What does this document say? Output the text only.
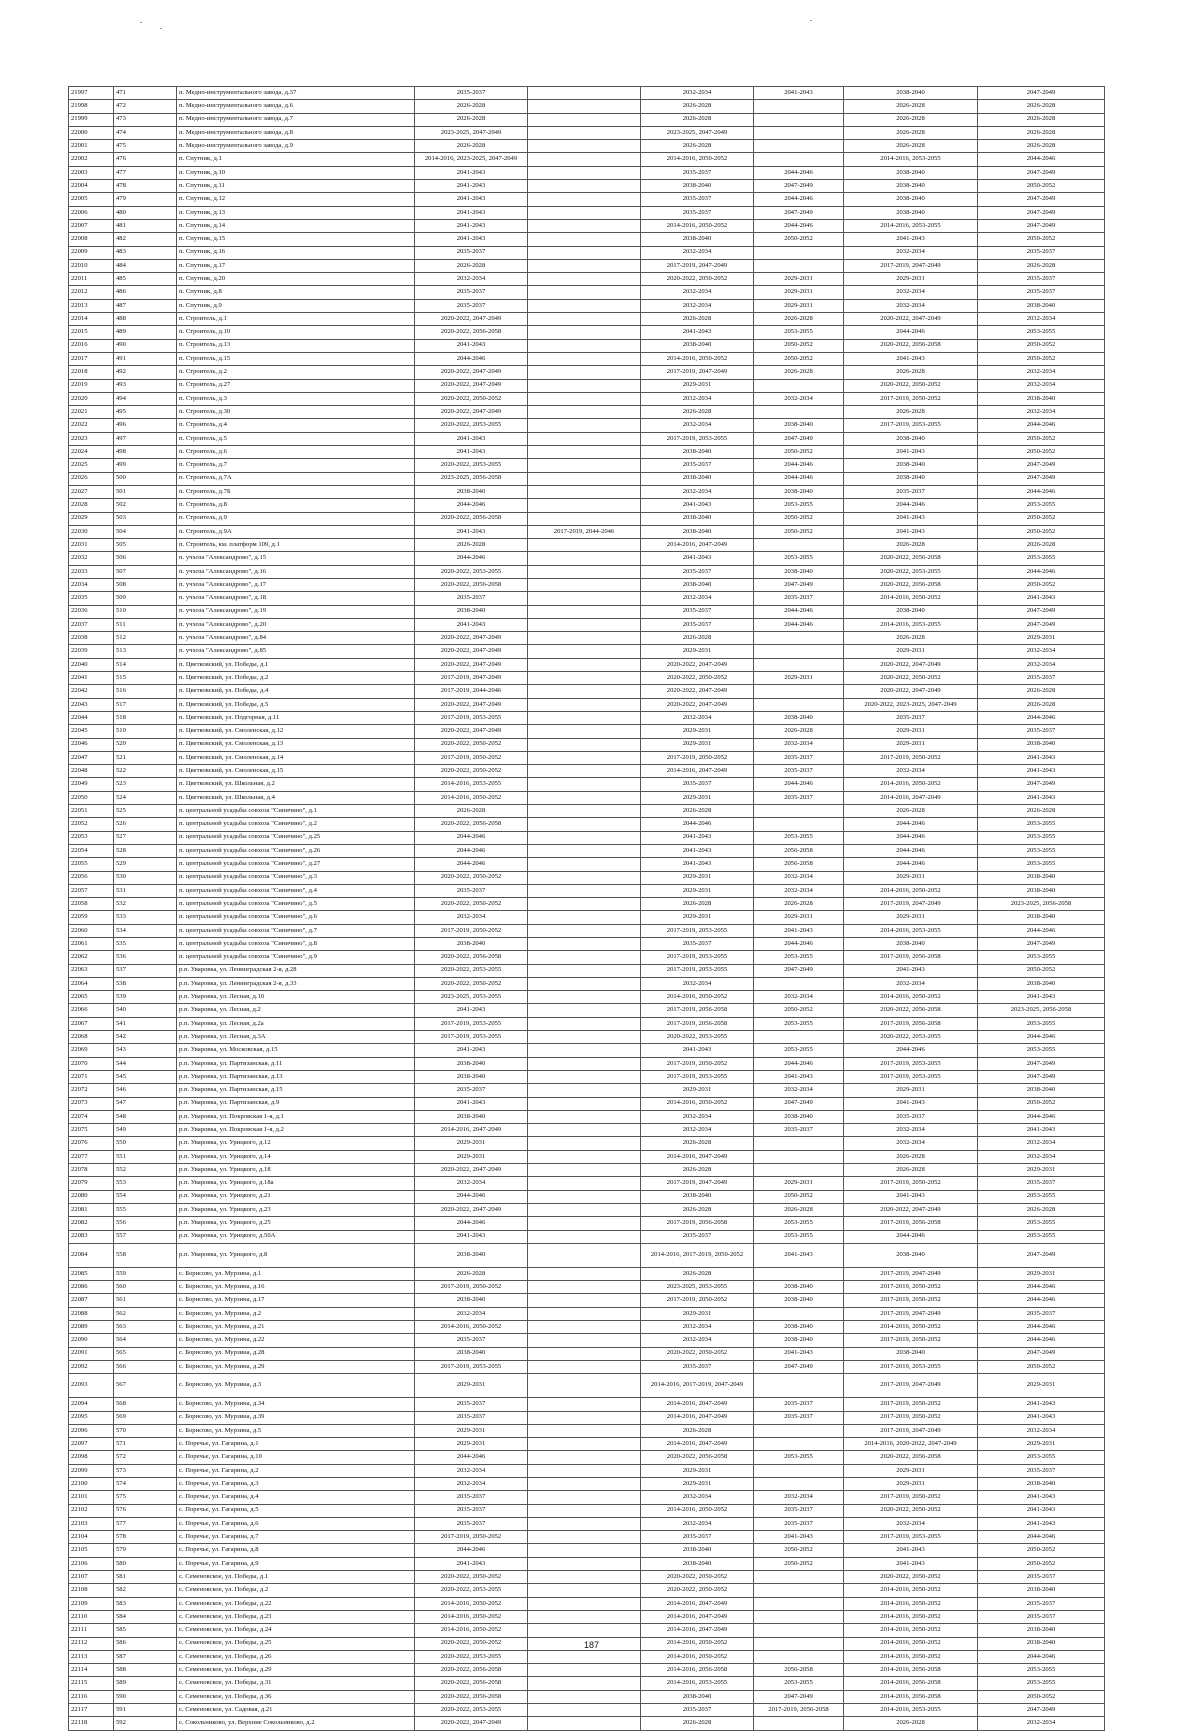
21997	471	п. Медно-инструментального завода, д.37	2035-2037		2032-2034	2041-2043	2038-2040	2047-2049
21998	472	п. Медно-инструментального завода, д.6	2026-2028		2026-2028		2026-2028	2026-2028
21999	473	п. Медно-инструментального завода, д.7	2026-2028		2026-2028		2026-2028	2026-2028
22000	474	п. Медно-инструментального завода, д.8	2023-2025, 2047-2049		2023-2025, 2047-2049		2026-2028	2026-2028
22001	475	п. Медно-инструментального завода, д.9	2026-2028		2026-2028		2026-2028	2026-2028
22002	476	п. Спутник, д.1	2014-2016, 2023-2025, 2047-2049		2014-2016, 2050-2052		2014-2016, 2053-2055	2044-2046
22003	477	п. Спутник, д.10	2041-2043		2035-2037	2044-2046	2038-2040	2047-2049
22004	478	п. Спутник, д.11	2041-2043		2038-2040	2047-2049	2038-2040	2050-2052
22005	479	п. Спутник, д.12	2041-2043		2035-2037	2044-2046	2038-2040	2047-2049
22006	480	п. Спутник, д.13	2041-2043		2035-2037	2047-2049	2038-2040	2047-2049
22007	481	п. Спутник, д.14	2041-2043		2014-2016, 2050-2052	2044-2046	2014-2016, 2053-2055	2047-2049
22008	482	п. Спутник, д.15	2041-2043		2038-2040	2050-2052	2041-2043	2050-2052
22009	483	п. Спутник, д.16	2035-2037		2032-2034		2032-2034	2035-2037
22010	484	п. Спутник, д.17	2026-2028		2017-2019, 2047-2049		2017-2019, 2047-2049	2026-2028
22011	485	п. Спутник, д.20	2032-2034		2020-2022, 2050-2052	2029-2031	2029-2031	2035-2037
22012	486	п. Спутник, д.8	2035-2037		2032-2034	2029-2031	2032-2034	2035-2037
22013	487	п. Спутник, д.9	2035-2037		2032-2034	2029-2031	2032-2034	2038-2040
22014	488	п. Строитель, д.1	2020-2022, 2047-2049		2026-2028	2026-2028	2020-2022, 2047-2049	2032-2034
22015	489	п. Строитель, д.10	2020-2022, 2056-2058		2041-2043	2053-2055	2044-2046	2053-2055
22016	490	п. Строитель, д.13	2041-2043		2038-2040	2050-2052	2020-2022, 2056-2058	2050-2052
22017	491	п. Строитель, д.15	2044-2046		2014-2016, 2050-2052	2050-2052	2041-2043	2050-2052
22018	492	п. Строитель, д.2	2020-2022, 2047-2049		2017-2019, 2047-2049	2026-2028	2026-2028	2032-2034
22019	493	п. Строитель, д.27	2020-2022, 2047-2049		2029-2031		2020-2022, 2050-2052	2032-2034
22020	494	п. Строитель, д.3	2020-2022, 2050-2052		2032-2034	2032-2034	2017-2019, 2050-2052	2038-2040
22021	495	п. Строитель, д.30	2020-2022, 2047-2049		2026-2028		2026-2028	2032-2034
22022	496	п. Строитель, д.4	2020-2022, 2053-2055		2032-2034	2038-2040	2017-2019, 2053-2055	2044-2046
22023	497	п. Строитель, д.5	2041-2043		2017-2019, 2053-2055	2047-2049	2038-2040	2050-2052
22024	498	п. Строитель, д.6	2041-2043		2038-2040	2050-2052	2041-2043	2050-2052
22025	499	п. Строитель, д.7	2020-2022, 2053-2055		2035-2037	2044-2046	2038-2040	2047-2049
22026	500	п. Строитель, д.7А	2023-2025, 2056-2058		2038-2040	2044-2046	2038-2040	2047-2049
22027	501	п. Строитель, д.7Б	2038-2040		2032-2034	2038-2040	2035-2037	2044-2046
22028	502	п. Строитель, д.8	2044-2046		2041-2043	2053-2055	2044-2046	2053-2055
22029	503	п. Строитель, д.9	2020-2022, 2056-2058		2038-2040	2050-2052	2041-2043	2050-2052
22030	504	п. Строитель, д.9А	2041-2043	2017-2019, 2044-2046	2038-2040	2050-2052	2041-2043	2050-2052
22031	505	п. Строитель, км. платформ 109, д.1	2026-2028		2014-2016, 2047-2049		2026-2028	2026-2028
22032	506	п. учхоза "Александрово", д.15	2044-2046		2041-2043	2053-2055	2020-2022, 2056-2058	2053-2055
22033	507	п. учхоза "Александрово", д.16	2020-2022, 2053-2055		2035-2037	2038-2040	2020-2022, 2053-2055	2044-2046
22034	508	п. учхоза "Александрово", д.17	2020-2022, 2056-2058		2038-2040	2047-2049	2020-2022, 2056-2058	2050-2052
22035	509	п. учхоза "Александрово", д.18	2035-2037		2032-2034	2035-2037	2014-2016, 2050-2052	2041-2043
22036	510	п. учхоза "Александрово", д.19	2038-2040		2035-2037	2044-2046	2038-2040	2047-2049
22037	511	п. учхоза "Александрово", д.20	2041-2043		2035-2037	2044-2046	2014-2016, 2053-2055	2047-2049
22038	512	п. учхоза "Александрово", д.84	2020-2022, 2047-2049		2026-2028		2026-2028	2029-2031
22039	513	п. учхоза "Александрово", д.85	2020-2022, 2047-2049		2029-2031		2029-2031	2032-2034
22040	514	п. Цветковский, ул. Победы, д.1	2020-2022, 2047-2049		2020-2022, 2047-2049		2020-2022, 2047-2049	2032-2034
22041	515	п. Цветковский, ул. Победы, д.2	2017-2019, 2047-2049		2020-2022, 2050-2052	2029-2031	2020-2022, 2050-2052	2035-2037
22042	516	п. Цветковский, ул. Победы, д.4	2017-2019, 2044-2046		2020-2022, 2047-2049		2020-2022, 2047-2049	2026-2028
22043	517	п. Цветковский, ул. Победы, д.5	2020-2022, 2047-2049		2020-2022, 2047-2049		2020-2022, 2023-2025, 2047-2049	2026-2028
22044	518	п. Цветковский, ул. Подгорная, д.11	2017-2019, 2053-2055		2032-2034	2038-2040	2035-2037	2044-2046
22045	519	п. Цветковский, ул. Смоленская, д.12	2020-2022, 2047-2049		2029-2031	2026-2028	2029-2031	2035-2037
22046	520	п. Цветковский, ул. Смоленская, д.13	2020-2022, 2050-2052		2029-2031	2032-2034	2029-2031	2038-2040
22047	521	п. Цветковский, ул. Смоленская, д.14	2017-2019, 2050-2052		2017-2019, 2050-2052	2035-2037	2017-2019, 2050-2052	2041-2043
22048	522	п. Цветковский, ул. Смоленская, д.15	2020-2022, 2050-2052		2014-2016, 2047-2049	2035-2037	2032-2034	2041-2043
22049	523	п. Цветковский, ул. Школьная, д.2	2014-2016, 2053-2055		2035-2037	2044-2046	2014-2016, 2050-2052	2047-2049
22050	524	п. Цветковский, ул. Школьная, д.4	2014-2016, 2050-2052		2029-2031	2035-2037	2014-2016, 2047-2049	2041-2043
22051	525	п. центральной усадьбы совхоза "Синичино", д.1	2026-2028		2026-2028		2026-2028	2026-2028
22052	526	п. центральной усадьбы совхоза "Синичино", д.2	2020-2022, 2056-2058		2044-2046		2044-2046	2053-2055
22053	527	п. центральной усадьбы совхоза "Синичино", д.25	2044-2046		2041-2043	2053-2055	2044-2046	2053-2055
22054	528	п. центральной усадьбы совхоза "Синичино", д.26	2044-2046		2041-2043	2056-2058	2044-2046	2053-2055
22055	529	п. центральной усадьбы совхоза "Синичино", д.27	2044-2046		2041-2043	2056-2058	2044-2046	2053-2055
22056	530	п. центральной усадьбы совхоза "Синичино", д.3	2020-2022, 2050-2052		2029-2031	2032-2034	2029-2031	2038-2040
22057	531	п. центральной усадьбы совхоза "Синичино", д.4	2035-2037		2029-2031	2032-2034	2014-2016, 2050-2052	2038-2040
22058	532	п. центральной усадьбы совхоза "Синичино", д.5	2020-2022, 2050-2052		2026-2028	2026-2028	2017-2019, 2047-2049	2023-2025, 2056-2058
22059	533	п. центральной усадьбы совхоза "Синичино", д.6	2032-2034		2029-2031	2029-2031	2029-2031	2038-2040
22060	534	п. центральной усадьбы совхоза "Синичино", д.7	2017-2019, 2050-2052		2017-2019, 2053-2055	2041-2043	2014-2016, 2053-2055	2044-2046
22061	535	п. центральной усадьбы совхоза "Синичино", д.8	2038-2040		2035-2037	2044-2046	2038-2040	2047-2049
22062	536	п. центральной усадьбы совхоза "Синичино", д.9	2020-2022, 2056-2058		2017-2019, 2053-2055	2053-2055	2017-2019, 2056-2058	2053-2055
22063	537	р.п. Уваровка, ул. Ленинградская 2-я, д.28	2020-2022, 2053-2055		2017-2019, 2053-2055	2047-2049	2041-2043	2050-2052
22064	538	р.п. Уваровка, ул. Ленинградская 2-я, д.33	2020-2022, 2050-2052		2032-2034		2032-2034	2038-2040
22065	539	р.п. Уваровка, ул. Лесная, д.10	2023-2025, 2053-2055		2014-2016, 2050-2052	2032-2034	2014-2016, 2050-2052	2041-2043
22066	540	р.п. Уваровка, ул. Лесная, д.2	2041-2043		2017-2019, 2056-2058	2050-2052	2020-2022, 2056-2058	2023-2025, 2056-2058
22067	541	р.п. Уваровка, ул. Лесная, д.2а	2017-2019, 2053-2055		2017-2019, 2056-2058	2053-2055	2017-2019, 2056-2058	2053-2055
22068	542	р.п. Уваровка, ул. Лесная, д.3А	2017-2019, 2053-2055		2020-2022, 2053-2055		2020-2022, 2053-2055	2044-2046
22069	543	р.п. Уваровка, ул. Московская, д.15	2041-2043		2041-2043	2053-2055	2044-2046	2053-2055
22070	544	р.п. Уваровка, ул. Партизанская, д.11	2038-2040		2017-2019, 2050-2052	2044-2046	2017-2019, 2053-2055	2047-2049
22071	545	р.п. Уваровка, ул. Партизанская, д.13	2038-2040		2017-2019, 2053-2055	2041-2043	2017-2019, 2053-2055	2047-2049
22072	546	р.п. Уваровка, ул. Партизанская, д.15	2035-2037		2029-2031	2032-2034	2029-2031	2038-2040
22073	547	р.п. Уваровка, ул. Партизанская, д.9	2041-2043		2014-2016, 2050-2052	2047-2049	2041-2043	2050-2052
22074	548	р.п. Уваровка, ул. Покровская 1-я, д.1	2038-2040		2032-2034	2038-2040	2035-2037	2044-2046
22075	549	р.п. Уваровка, ул. Покровская 1-я, д.2	2014-2016, 2047-2049		2032-2034	2035-2037	2032-2034	2041-2043
22076	550	р.п. Уваровка, ул. Урицкого, д.12	2029-2031		2026-2028		2032-2034	2032-2034
22077	551	р.п. Уваровка, ул. Урицкого, д.14	2029-2031		2014-2016, 2047-2049		2026-2028	2032-2034
22078	552	р.п. Уваровка, ул. Урицкого, д.18	2020-2022, 2047-2049		2026-2028		2026-2028	2029-2031
22079	553	р.п. Уваровка, ул. Урицкого, д.18а	2032-2034		2017-2019, 2047-2049	2029-2031	2017-2019, 2050-2052	2035-2037
22080	554	р.п. Уваровка, ул. Урицкого, д.21	2044-2046		2038-2040	2050-2052	2041-2043	2053-2055
22081	555	р.п. Уваровка, ул. Урицкого, д.23	2020-2022, 2047-2049		2026-2028	2026-2028	2020-2022, 2047-2049	2026-2028
22082	556	р.п. Уваровка, ул. Урицкого, д.25	2044-2046		2017-2019, 2056-2058	2053-2055	2017-2019, 2056-2058	2053-2055
22083	557	р.п. Уваровка, ул. Урицкого, д.50А	2041-2043		2035-2037	2053-2055	2044-2046	2053-2055
22084	558	р.п. Уваровка, ул. Урицкого, д.8	2038-2040		2014-2016, 2017-2019, 2050-2052	2041-2043	2038-2040	2047-2049
22085	559	с. Борисово, ул. Мурзина, д.1	2026-2028		2026-2028		2017-2019, 2047-2049	2029-2031
22086	560	с. Борисово, ул. Мурзина, д.16	2017-2019, 2050-2052		2023-2025, 2053-2055	2038-2040	2017-2019, 2050-2052	2044-2046
22087	561	с. Борисово, ул. Мурзина, д.17	2038-2040		2017-2019, 2050-2052	2038-2040	2017-2019, 2050-2052	2044-2046
22088	562	с. Борисово, ул. Мурзина, д.2	2032-2034		2029-2031		2017-2019, 2047-2049	2035-2037
22089	563	с. Борисово, ул. Мурзина, д.21	2014-2016, 2050-2052		2032-2034	2038-2040	2014-2016, 2050-2052	2044-2046
22090	564	с. Борисово, ул. Мурзина, д.22	2035-2037		2032-2034	2038-2040	2017-2019, 2050-2052	2044-2046
22091	565	с. Борисово, ул. Мурзина, д.28	2038-2040		2020-2022, 2050-2052	2041-2043	2038-2040	2047-2049
22092	566	с. Борисово, ул. Мурзина, д.29	2017-2019, 2053-2055		2035-2037	2047-2049	2017-2019, 2053-2055	2050-2052
22093	567	с. Борисово, ул. Мурзина, д.3	2029-2031		2014-2016, 2017-2019, 2047-2049		2017-2019, 2047-2049	2029-2031
22094	568	с. Борисово, ул. Мурзина, д.34	2035-2037		2014-2016, 2047-2049	2035-2037	2017-2019, 2050-2052	2041-2043
22095	569	с. Борисово, ул. Мурзина, д.39	2035-2037		2014-2016, 2047-2049	2035-2037	2017-2019, 2050-2052	2041-2043
22096	570	с. Борисово, ул. Мурзина, д.5	2029-2031		2026-2028		2017-2019, 2047-2049	2032-2034
22097	571	с. Поречье, ул. Гагарина, д.1	2029-2031		2014-2016, 2047-2049		2014-2016, 2020-2022, 2047-2049	2029-2031
22098	572	с. Поречье, ул. Гагарина, д.10	2044-2046		2020-2022, 2056-2058	2053-2055	2020-2022, 2056-2058	2053-2055
22099	573	с. Поречье, ул. Гагарина, д.2	2032-2034		2029-2031		2029-2031	2035-2037
22100	574	с. Поречье, ул. Гагарина, д.3	2032-2034		2029-2031		2029-2031	2038-2040
22101	575	с. Поречье, ул. Гагарина, д.4	2035-2037		2032-2034	2032-2034	2017-2019, 2050-2052	2041-2043
22102	576	с. Поречье, ул. Гагарина, д.5	2035-2037		2014-2016, 2050-2052	2035-2037	2020-2022, 2050-2052	2041-2043
22103	577	с. Поречье, ул. Гагарина, д.6	2035-2037		2032-2034	2035-2037	2032-2034	2041-2043
22104	578	с. Поречье, ул. Гагарина, д.7	2017-2019, 2050-2052		2035-2037	2041-2043	2017-2019, 2053-2055	2044-2046
22105	579	с. Поречье, ул. Гагарина, д.8	2044-2046		2038-2040	2050-2052	2041-2043	2050-2052
22106	580	с. Поречье, ул. Гагарина, д.9	2041-2043		2038-2040	2050-2052	2041-2043	2050-2052
22107	581	с. Семеновское, ул. Победы, д.1	2020-2022, 2050-2052		2020-2022, 2050-2052		2020-2022, 2050-2052	2035-2037
22108	582	с. Семеновское, ул. Победы, д.2	2020-2022, 2053-2055		2020-2022, 2050-2052		2014-2016, 2050-2052	2038-2040
22109	583	с. Семеновское, ул. Победы, д.22	2014-2016, 2050-2052		2014-2016, 2047-2049		2014-2016, 2050-2052	2035-2037
22110	584	с. Семеновское, ул. Победы, д.23	2014-2016, 2050-2052		2014-2016, 2047-2049		2014-2016, 2050-2052	2035-2037
22111	585	с. Семеновское, ул. Победы, д.24	2014-2016, 2050-2052		2014-2016, 2047-2049		2014-2016, 2050-2052	2038-2040
22112	586	с. Семеновское, ул. Победы, д.25	2020-2022, 2050-2052		2014-2016, 2050-2052		2014-2016, 2050-2052	2038-2040
22113	587	с. Семеновское, ул. Победы, д.26	2020-2022, 2053-2055		2014-2016, 2050-2052		2014-2016, 2050-2052	2044-2046
22114	588	с. Семеновское, ул. Победы, д.29	2020-2022, 2056-2058		2014-2016, 2056-2058	2056-2058	2014-2016, 2056-2058	2053-2055
22115	589	с. Семеновское, ул. Победы, д.31	2020-2022, 2056-2058		2014-2016, 2053-2055	2053-2055	2014-2016, 2056-2058	2053-2055
22116	590	с. Семеновское, ул. Победы, д.36	2020-2022, 2056-2058		2038-2040	2047-2049	2014-2016, 2056-2058	2050-2052
22117	591	с. Семеновское, ул. Садовая, д.21	2020-2022, 2053-2055		2035-2037	2017-2019, 2056-2058	2014-2016, 2053-2055	2047-2049
22118	592	с. Сокольниково, ул. Верхние Сокольниково, д.2	2020-2022, 2047-2049		2026-2028		2026-2028	2032-2034
187
